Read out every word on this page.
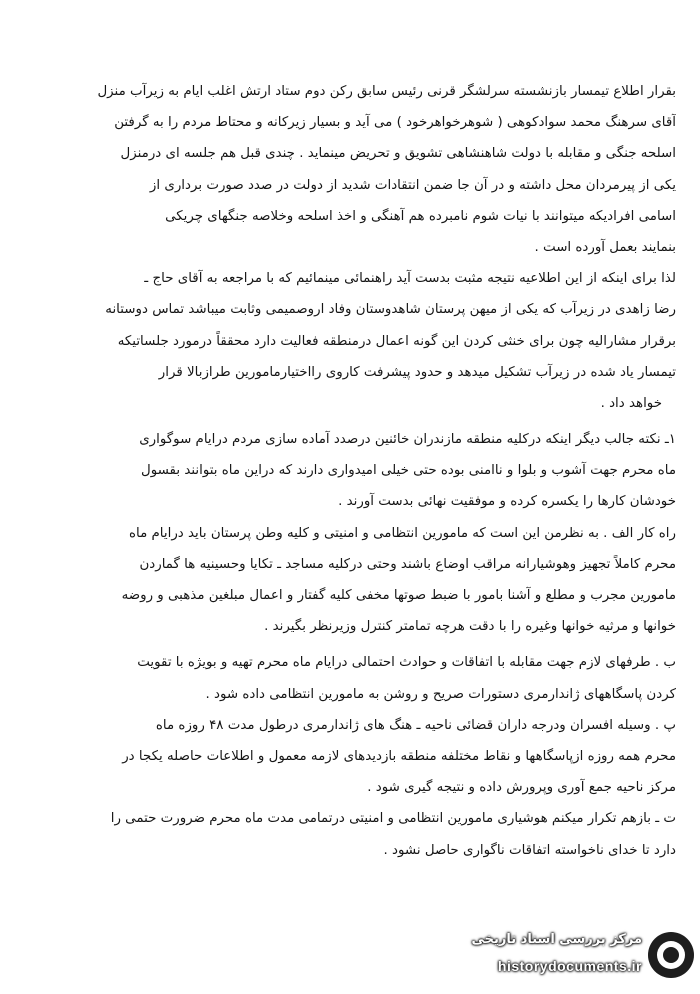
بقرار اطلاع تیمسار بازنشسته سرلشگر قرنی رئیس سابق رکن دوم ستاد ارتش اغلب ایام به زیرآب منزل
آقای سرهنگ محمد سوادکوهی ( شوهرخواهرخود ) می آید و بسیار زیرکانه و محتاط مردم را به گرفتن
اسلحه جنگی و مقابله با دولت شاهنشاهی تشویق و تحریض مینماید . چندی قبل هم جلسه ای درمنزل
یکی از پیرمردان محل داشته و در آن جا ضمن انتقادات شدید از دولت در صدد صورت برداری از
اسامی افرادیکه میتوانند با نیات شوم نامبرده هم آهنگی و اخذ اسلحه وخلاصه جنگهای چریکی
بنمایند بعمل آورده است .
لذا برای اینکه از این اطلاعیه نتیجه مثبت بدست آید راهنمائی مینمائیم که با مراجعه به آقای حاج ـ
رضا زاهدی در زیرآب که یکی از میهن پرستان شاهدوستان وفاد اروصمیمی وثابت میباشد تماس دوستانه
برقرار مشارالیه چون برای خنثی کردن این گونه اعمال درمنطقه فعالیت دارد محققاً درمورد جلساتیکه
تیمسار یاد شده در زیرآب تشکیل میدهد و حدود پیشرفت کاروی رااختیارمامورین طرازبالا قرار
خواهد داد .
۱ـ نکته جالب دیگر اینکه درکلیه منطقه مازندران خائنین درصدد آماده سازی مردم درایام سوگواری
ماه محرم جهت آشوب و بلوا و ناامنی بوده حتی خیلی امیدواری دارند که دراین ماه بتوانند بقسول
خودشان کارها را یکسره کرده و موفقیت نهائی بدست آورند .
راه کار الف . به نظرمن این است که مامورین انتظامی و امنیتی و کلیه وطن پرستان باید درایام ماه
محرم کاملاً تجهیز وهوشیارانه مراقب اوضاع باشند وحتی درکلیه مساجد ـ تکایا وحسینیه ها گماردن
مامورین مجرب و مطلع و آشنا بامور با ضبط صوتها مخفی کلیه گفتار و اعمال مبلغین مذهبی و روضه
خوانها و مرثیه خوانها وغیره را با دقت هرچه تمامتر کنترل وزیرنظر بگیرند .
ب . طرفهای لازم جهت مقابله با اتفاقات و حوادث احتمالی درایام ماه محرم تهیه و بویژه با تقویت
کردن پاسگاههای ژاندارمری دستورات صریح و روشن به مامورین انتظامی داده شود .
پ . وسیله افسران ودرجه داران قضائی ناحیه ـ هنگ های ژاندارمری درطول مدت ۴۸ روزه ماه
محرم همه روزه ازپاسگاهها و نقاط مختلفه منطقه بازدیدهای لازمه معمول و اطلاعات حاصله یکجا در
مرکز ناحیه جمع آوری وپرورش داده و نتیجه گیری شود .
ت ـ بازهم تکرار میکنم هوشیاری مامورین انتظامی و امنیتی درتمامی مدت ماه محرم ضرورت حتمی را
دارد تا خدای ناخواسته اتفاقات ناگواری حاصل نشود .
مرکز بررسی اسناد تاریخی
historydocuments.ir
